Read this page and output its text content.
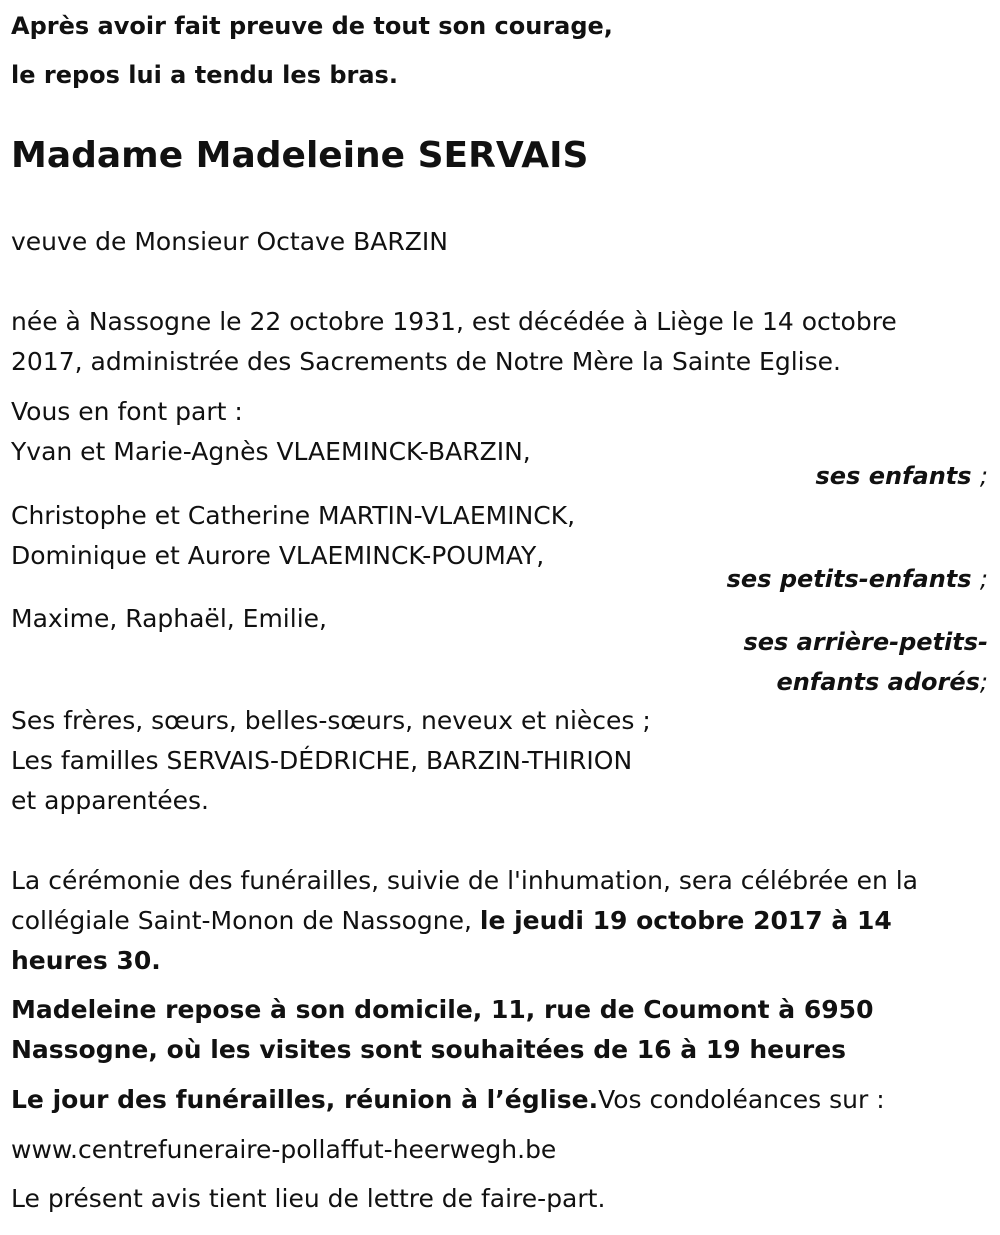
Après avoir fait preuve de tout son courage,
le repos lui a tendu les bras.
Madame Madeleine SERVAIS
veuve de Monsieur Octave BARZIN
née à Nassogne le 22 octobre 1931, est décédée à Liège le 14 octobre
2017, administrée des Sacrements de Notre Mère la Sainte Eglise.
Vous en font part :
Yvan et Marie-Agnès VLAEMINCK-BARZIN,
ses enfants ;
Christophe et Catherine MARTIN-VLAEMINCK,
Dominique et Aurore VLAEMINCK-POUMAY,
ses petits-enfants ;
Maxime, Raphaël, Emilie,
ses arrière-petits-
enfants adorés;
Ses frères, sœurs, belles-sœurs, neveux et nièces ;
Les familles SERVAIS-DÉDRICHE, BARZIN-THIRION
et apparentées.
La cérémonie des funérailles, suivie de l'inhumation, sera célébrée en la
collégiale Saint-Monon de Nassogne, le jeudi 19 octobre 2017 à 14
heures 30.
Madeleine repose à son domicile, 11, rue de Coumont à 6950
Nassogne, où les visites sont souhaitées de 16 à 19 heures
Le jour des funérailles, réunion à l’église.Vos condoléances sur :
www.centrefuneraire-pollaffut-heerwegh.be
Le présent avis tient lieu de lettre de faire-part.
